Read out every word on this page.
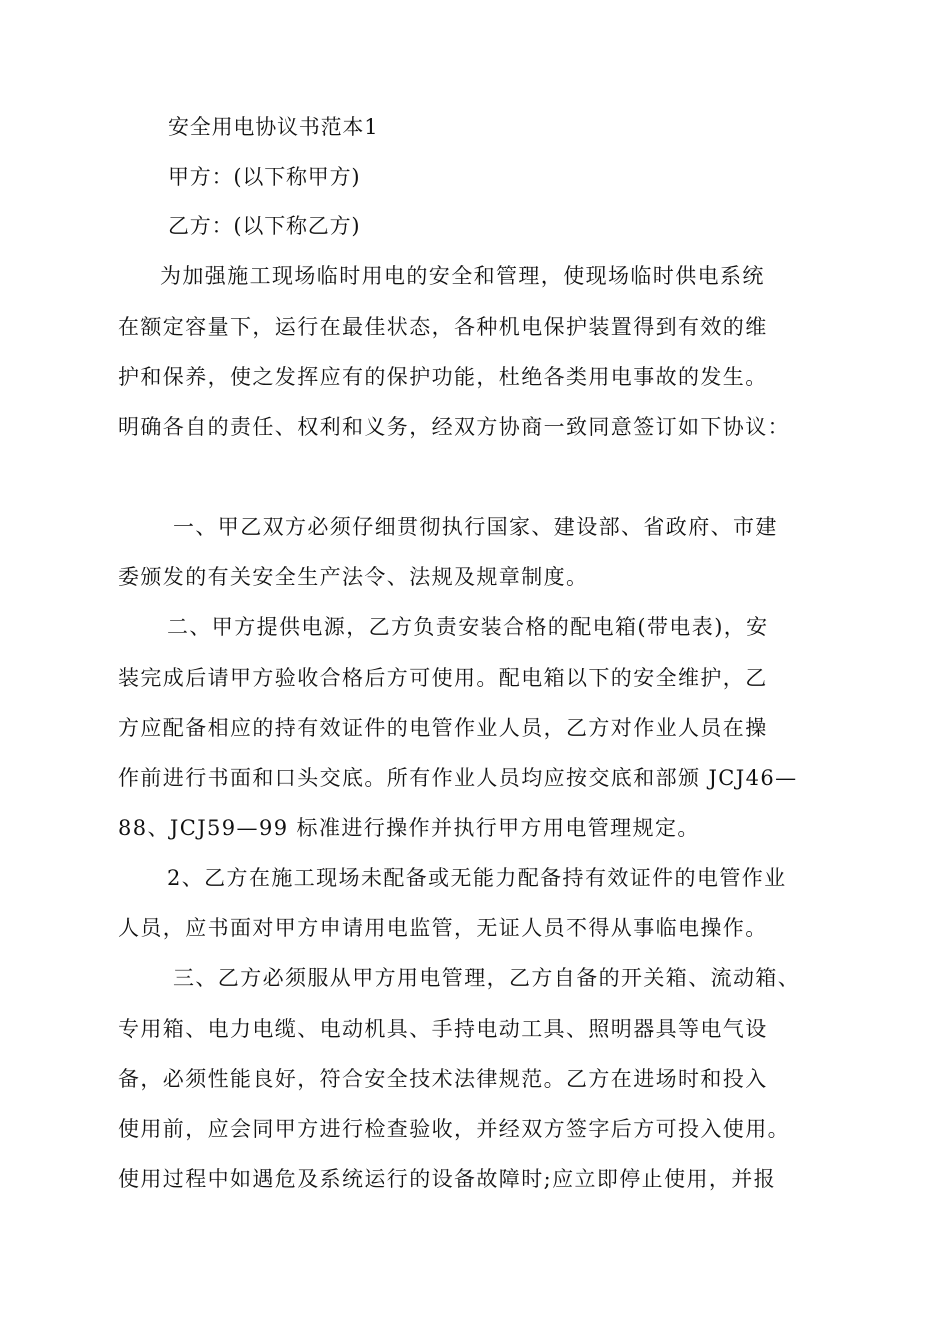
安全用电协议书范本1
甲方：(以下称甲方)
乙方：(以下称乙方)
为加强施工现场临时用电的安全和管理，使现场临时供电系统
在额定容量下，运行在最佳状态，各种机电保护装置得到有效的维
护和保养，使之发挥应有的保护功能，杜绝各类用电事故的发生。
明确各自的责任、权利和义务，经双方协商一致同意签订如下协议：
一、甲乙双方必须仔细贯彻执行国家、建设部、省政府、市建
委颁发的有关安全生产法令、法规及规章制度。
二、甲方提供电源，乙方负责安装合格的配电箱(带电表)，安
装完成后请甲方验收合格后方可使用。配电箱以下的安全维护，乙
方应配备相应的持有效证件的电管作业人员，乙方对作业人员在操
作前进行书面和口头交底。所有作业人员均应按交底和部颁 JCJ46—
88、JCJ59—99 标准进行操作并执行甲方用电管理规定。
2、乙方在施工现场未配备或无能力配备持有效证件的电管作业
人员，应书面对甲方申请用电监管，无证人员不得从事临电操作。
三、乙方必须服从甲方用电管理，乙方自备的开关箱、流动箱、
专用箱、电力电缆、电动机具、手持电动工具、照明器具等电气设
备，必须性能良好，符合安全技术法律规范。乙方在进场时和投入
使用前，应会同甲方进行检查验收，并经双方签字后方可投入使用。
使用过程中如遇危及系统运行的设备故障时;应立即停止使用，并报
